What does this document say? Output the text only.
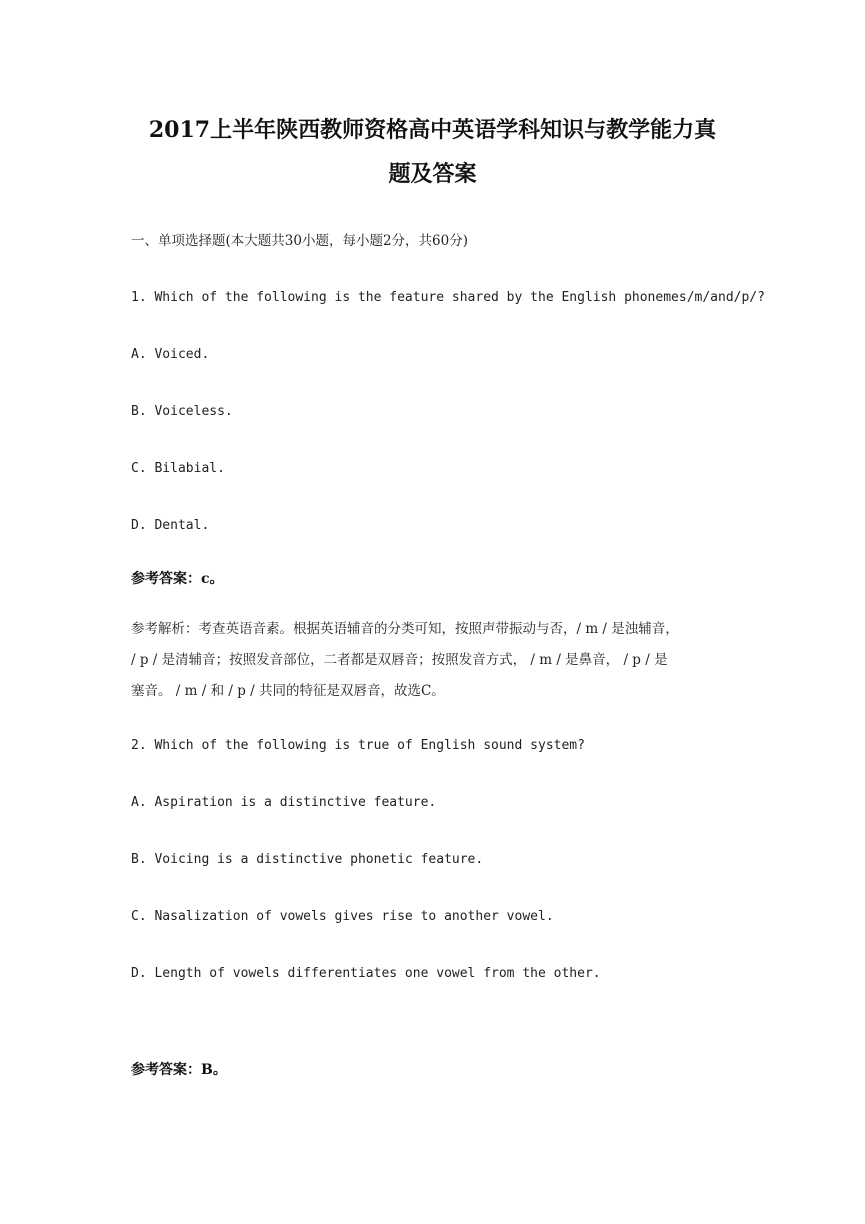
2017上半年陕西教师资格高中英语学科知识与教学能力真
题及答案

一、单项选择题(本大题共30小题，每小题2分，共60分)

1. Which of the following is the feature shared by the English phonemes/m/and/p/?

A. Voiced.

B. Voiceless.

C. Bilabial.

D. Dental.

参考答案：c。

参考解析：考查英语音素。根据英语辅音的分类可知，按照声带振动与否，/ m / 是浊辅音，

/ p / 是清辅音；按照发音部位，二者都是双唇音；按照发音方式， / m / 是鼻音， / p / 是

塞音。 / m / 和 / p / 共同的特征是双唇音，故选C。

2. Which of the following is true of English sound system?

A. Aspiration is a distinctive feature.

B. Voicing is a distinctive phonetic feature.

C. Nasalization of vowels gives rise to another vowel.

D. Length of vowels differentiates one vowel from the other.

参考答案：B。
